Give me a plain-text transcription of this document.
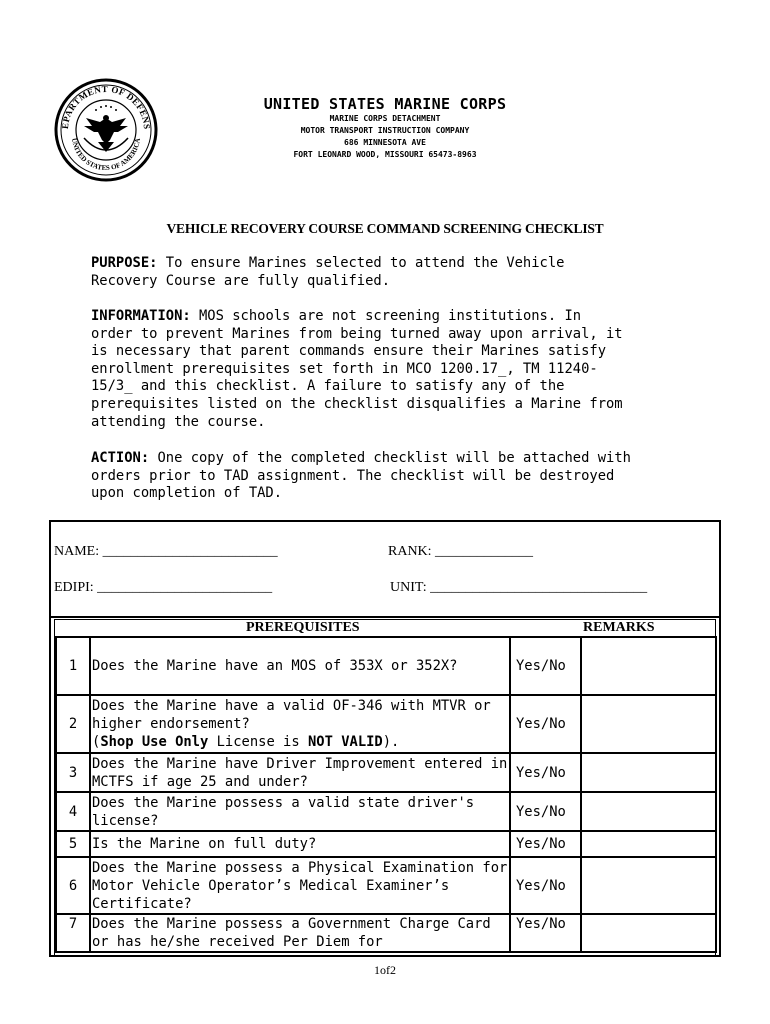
EPARTMENT OF DEFENS
UNITED STATES OF AMERICA
UNITED STATES MARINE CORPS
MARINE CORPS DETACHMENT
MOTOR TRANSPORT INSTRUCTION COMPANY
686 MINNESOTA AVE
FORT LEONARD WOOD, MISSOURI 65473-8963
VEHICLE RECOVERY COURSE COMMAND SCREENING CHECKLIST
PURPOSE: To ensure Marines selected to attend the Vehicle
Recovery Course are fully qualified.
INFORMATION: MOS schools are not screening institutions. In
order to prevent Marines from being turned away upon arrival, it
is necessary that parent commands ensure their Marines satisfy
enrollment prerequisites set forth in MCO 1200.17_, TM 11240-
15/3_ and this checklist. A failure to satisfy any of the
prerequisites listed on the checklist disqualifies a Marine from
attending the course.
ACTION: One copy of the completed checklist will be attached with
orders prior to TAD assignment. The checklist will be destroyed
upon completion of TAD.
NAME: _________________________	RANK: ______________
EDIPI: _________________________	UNIT: _______________________________
PREREQUISITES	REMARKS
1	Does the Marine have an MOS of 353X or 352X?	Yes/No	
2	Does the Marine have a valid OF-346 with MTVR or higher endorsement?
(Shop Use Only License is NOT VALID).	Yes/No	
3	Does the Marine have Driver Improvement entered in MCTFS if age 25 and under?	Yes/No	
4	Does the Marine possess a valid state driver's license?	Yes/No	
5	Is the Marine on full duty?	Yes/No	
6	Does the Marine possess a Physical Examination for Motor Vehicle Operator’s Medical Examiner’s Certificate?	Yes/No	
7	Does the Marine possess a Government Charge Card or has he/she received Per Diem for	Yes/No	
1of2
